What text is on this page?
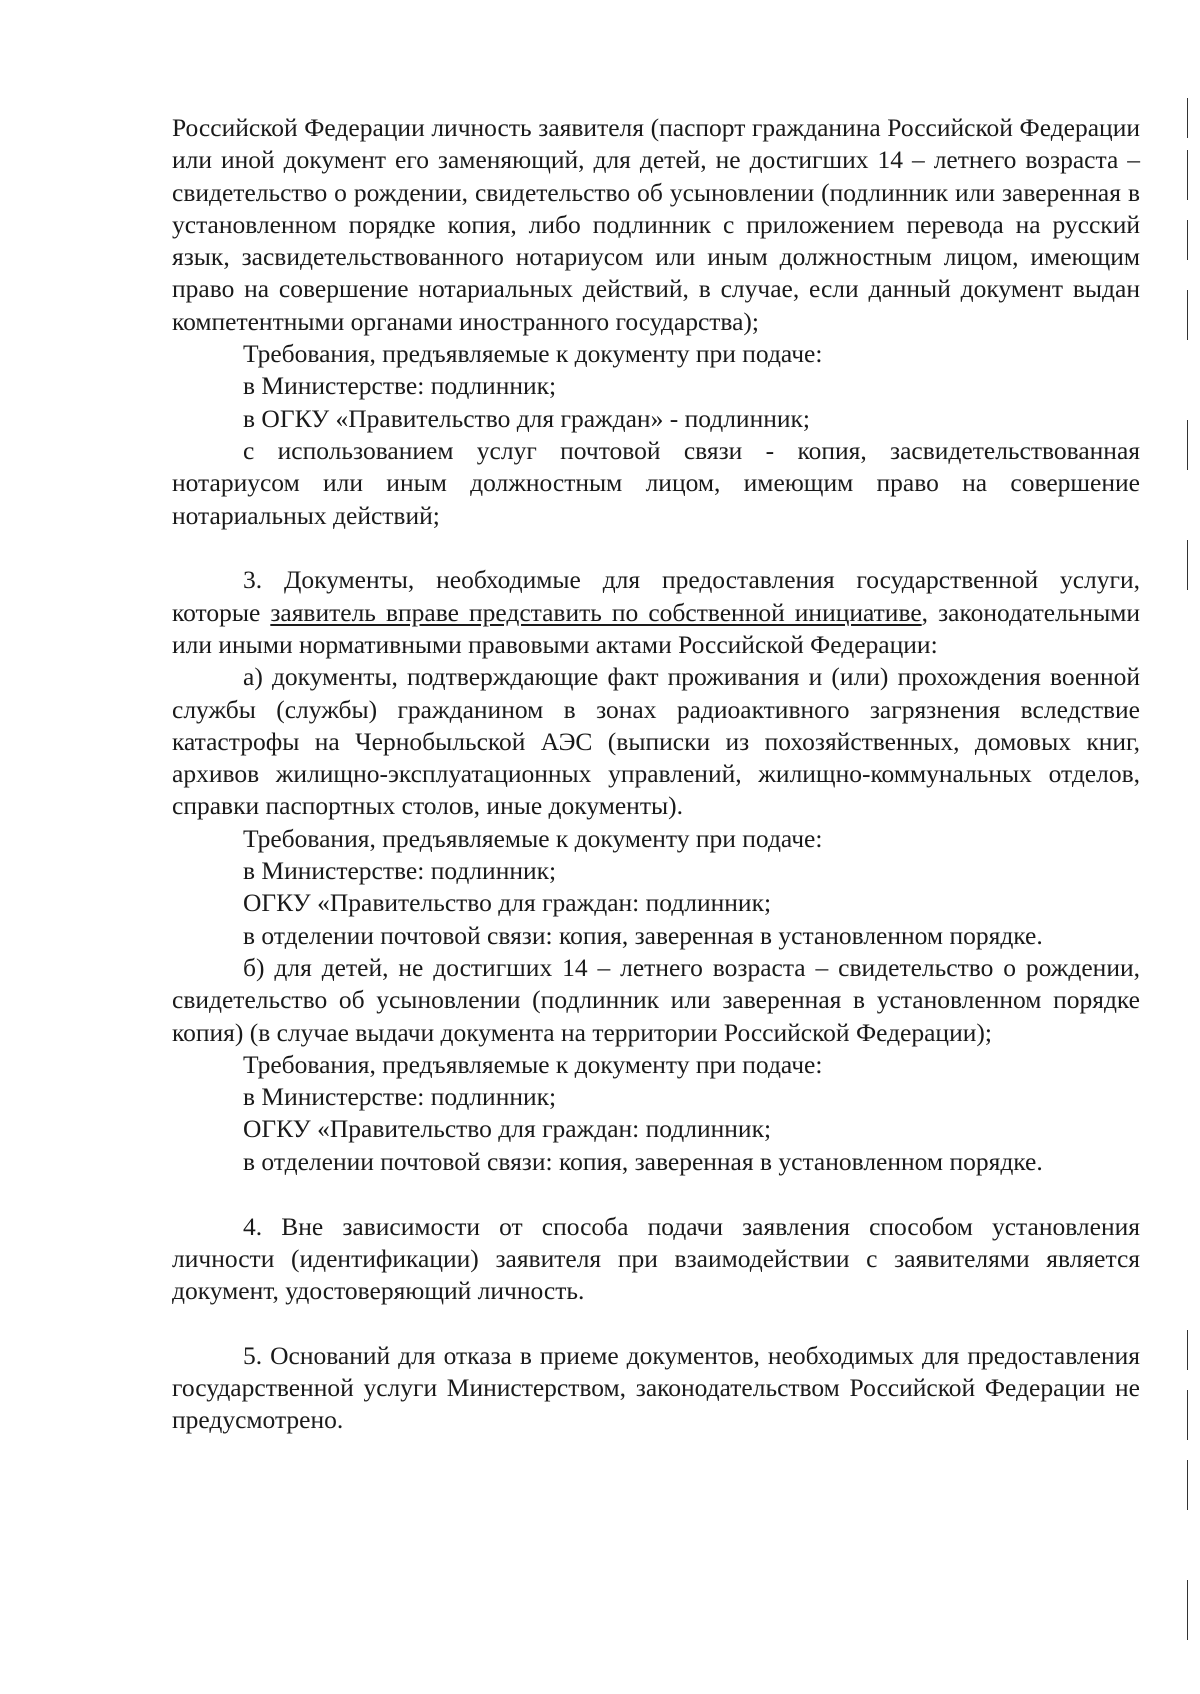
Российской Федерации личность заявителя (паспорт гражданина Российской Федерации или иной документ его заменяющий, для детей, не достигших 14 – летнего возраста – свидетельство о рождении, свидетельство об усыновлении (подлинник или заверенная в установленном порядке копия, либо подлинник с приложением перевода на русский язык, засвидетельствованного нотариусом или иным должностным лицом, имеющим право на совершение нотариальных действий, в случае, если данный документ выдан компетентными органами иностранного государства);

Требования, предъявляемые к документу при подаче:

в Министерстве: подлинник;

в ОГКУ «Правительство для граждан» - подлинник;

с использованием услуг почтовой связи - копия, засвидетельствованная нотариусом или иным должностным лицом, имеющим право на совершение нотариальных действий;

3. Документы, необходимые для предоставления государственной услуги, которые заявитель вправе представить по собственной инициативе, законодательными или иными нормативными правовыми актами Российской Федерации:

а) документы, подтверждающие факт проживания и (или) прохождения военной службы (службы) гражданином в зонах радиоактивного загрязнения вследствие катастрофы на Чернобыльской АЭС (выписки из похозяйственных, домовых книг, архивов жилищно-эксплуатационных управлений, жилищно-коммунальных отделов, справки паспортных столов, иные документы).

Требования, предъявляемые к документу при подаче:

в Министерстве: подлинник;

ОГКУ «Правительство для граждан: подлинник;

в отделении почтовой связи: копия, заверенная в установленном порядке.

б) для детей, не достигших 14 – летнего возраста – свидетельство о рождении, свидетельство об усыновлении (подлинник или заверенная в установленном порядке копия) (в случае выдачи документа на территории Российской Федерации);

Требования, предъявляемые к документу при подаче:

в Министерстве: подлинник;

ОГКУ «Правительство для граждан: подлинник;

в отделении почтовой связи: копия, заверенная в установленном порядке.

4. Вне зависимости от способа подачи заявления способом установления личности (идентификации) заявителя при взаимодействии с заявителями является документ, удостоверяющий личность.

5. Оснований для отказа в приеме документов, необходимых для предоставления государственной услуги Министерством, законодательством Российской Федерации не предусмотрено.
